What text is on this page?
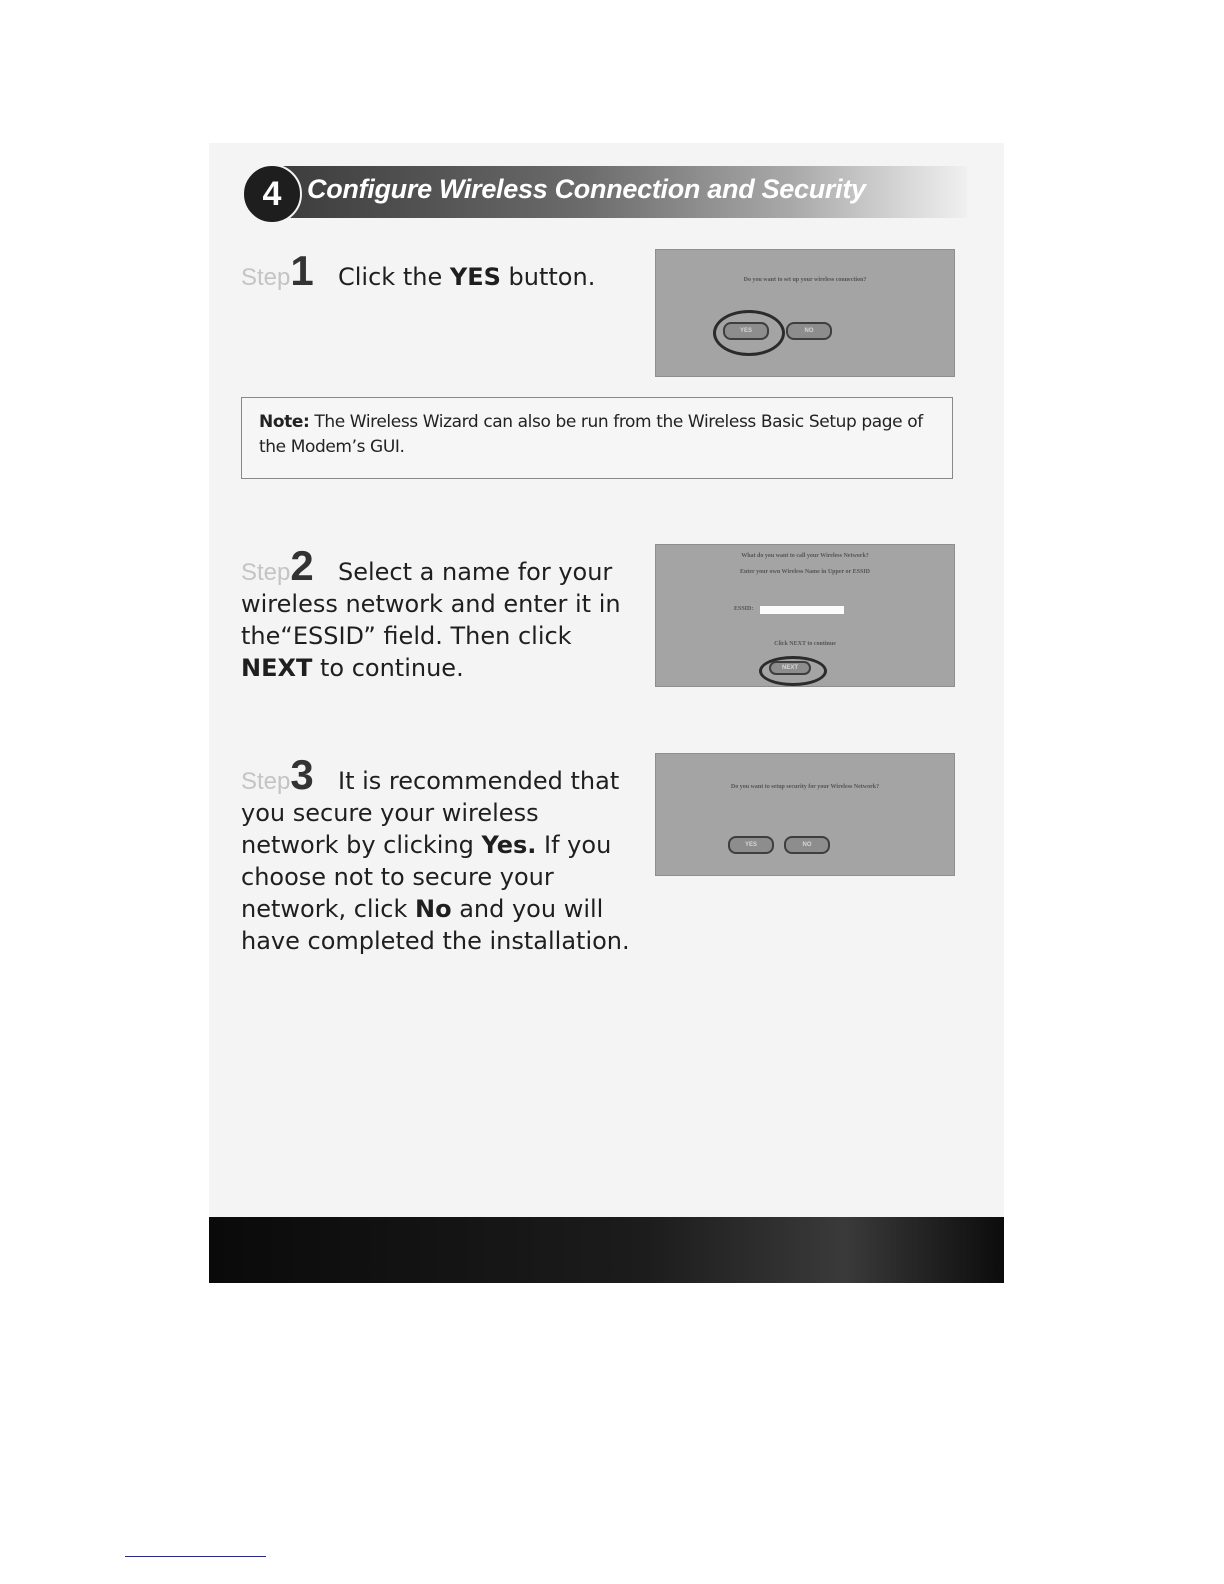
4 Configure Wireless Connection and Security
Step1 Click the YES button.	Do you want to set up your wireless connection?
YES	NO
Note: The Wireless Wizard can also be run from the Wireless Basic Setup page of the Modem’s GUI.
Step2	Select a name for your wireless network and enter it in the“ESSID” field. Then click NEXT to continue.
What do you want to call your Wireless Network?
Enter your own Wireless Name in Upper or ESSID
ESSID:
Click NEXT to continue
NEXT
Step3	It is recommended that you secure your wireless network by clicking Yes. If you choose not to secure your network, click No and you will have completed the installation.
Do you want to setup security for your Wireless Network?
YES	NO
